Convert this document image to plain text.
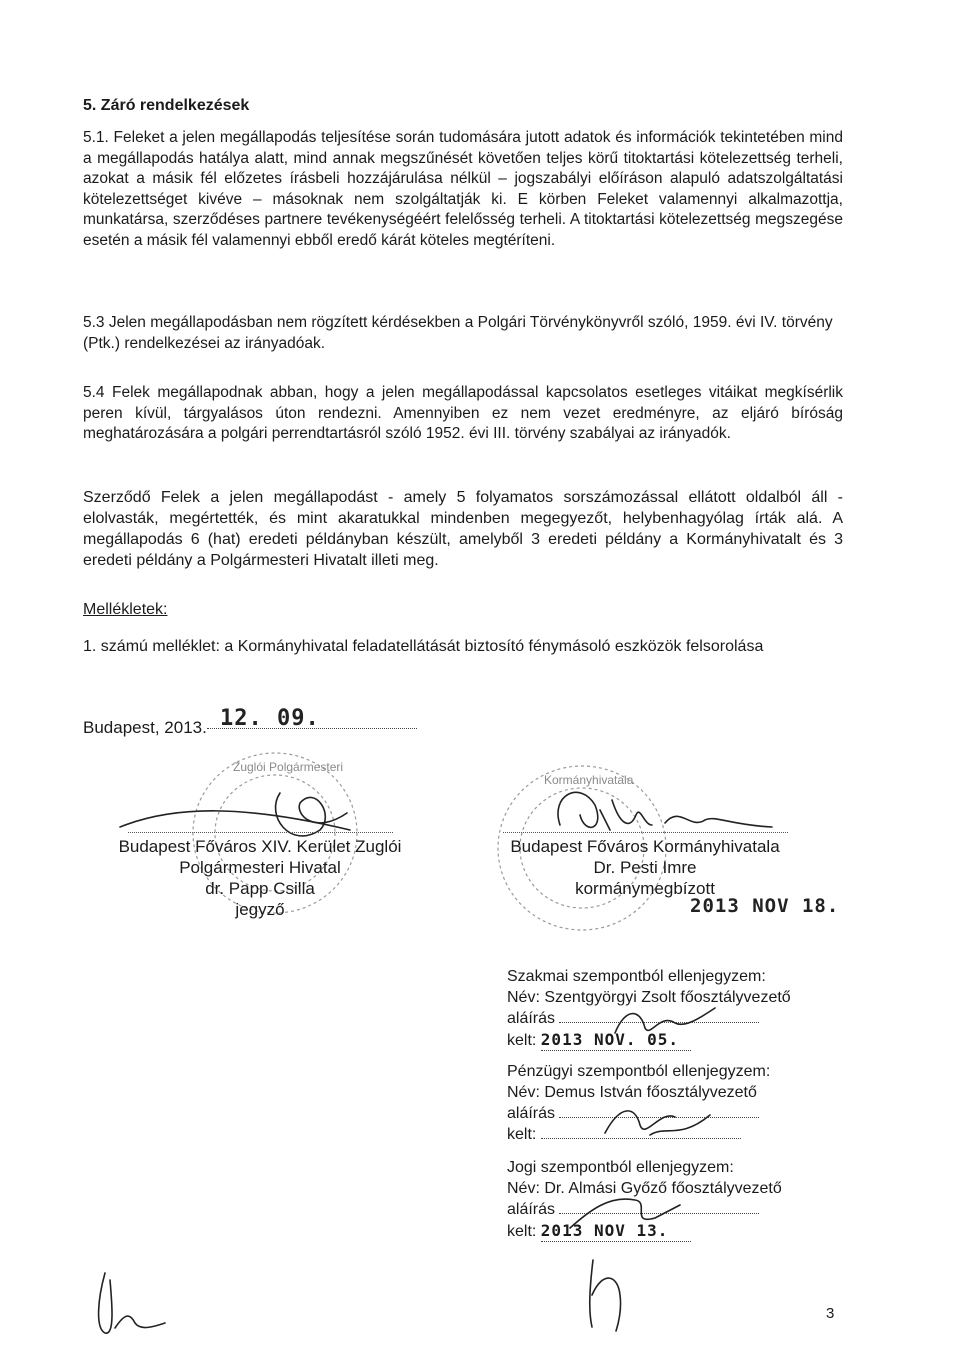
5. Záró rendelkezések
5.1. Feleket a jelen megállapodás teljesítése során tudomására jutott adatok és információk tekintetében mind a megállapodás hatálya alatt, mind annak megszűnését követően teljes körű titoktartási kötelezettség terheli, azokat a másik fél előzetes írásbeli hozzájárulása nélkül – jogszabályi előíráson alapuló adatszolgáltatási kötelezettséget kivéve – másoknak nem szolgáltatják ki. E körben Feleket valamennyi alkalmazottja, munkatársa, szerződéses partnere tevékenységéért felelősség terheli. A titoktartási kötelezettség megszegése esetén a másik fél valamennyi ebből eredő kárát köteles megtéríteni.
5.3 Jelen megállapodásban nem rögzített kérdésekben a Polgári Törvénykönyvről szóló, 1959. évi IV. törvény (Ptk.) rendelkezései az irányadóak.
5.4 Felek megállapodnak abban, hogy a jelen megállapodással kapcsolatos esetleges vitáikat megkísérlik peren kívül, tárgyalásos úton rendezni. Amennyiben ez nem vezet eredményre, az eljáró bíróság meghatározására a polgári perrendtartásról szóló 1952. évi III. törvény szabályai az irányadók.
Szerződő Felek a jelen megállapodást - amely 5 folyamatos sorszámozással ellátott oldalból áll - elolvasták, megértették, és mint akaratukkal mindenben megegyezőt, helybenhagyólag írták alá. A megállapodás 6 (hat) eredeti példányban készült, amelyből 3 eredeti példány a Kormányhivatalt és 3 eredeti példány a Polgármesteri Hivatalt illeti meg.
Mellékletek:
1. számú melléklet: a Kormányhivatal feladatellátását biztosító fénymásoló eszközök felsorolása
Budapest, 2013. 12. 09.
Zuglói Polgármesteri
Budapest Főváros XIV. Kerület Zuglói
Polgármesteri Hivatal
dr. Papp Csilla
jegyző
Kormányhivatala
Budapest Főváros Kormányhivatala
Dr. Pesti Imre
kormánymegbízott
2013 NOV 18.
Szakmai szempontból ellenjegyzem:
Név: Szentgyörgyi Zsolt főosztályvezető
aláírás
kelt: 2013 NOV. 05.
Pénzügyi szempontból ellenjegyzem:
Név: Demus István főosztályvezető
aláírás
kelt:
Jogi szempontból ellenjegyzem:
Név: Dr. Almási Győző főosztályvezető
aláírás
kelt: 2013 NOV 13.
3
